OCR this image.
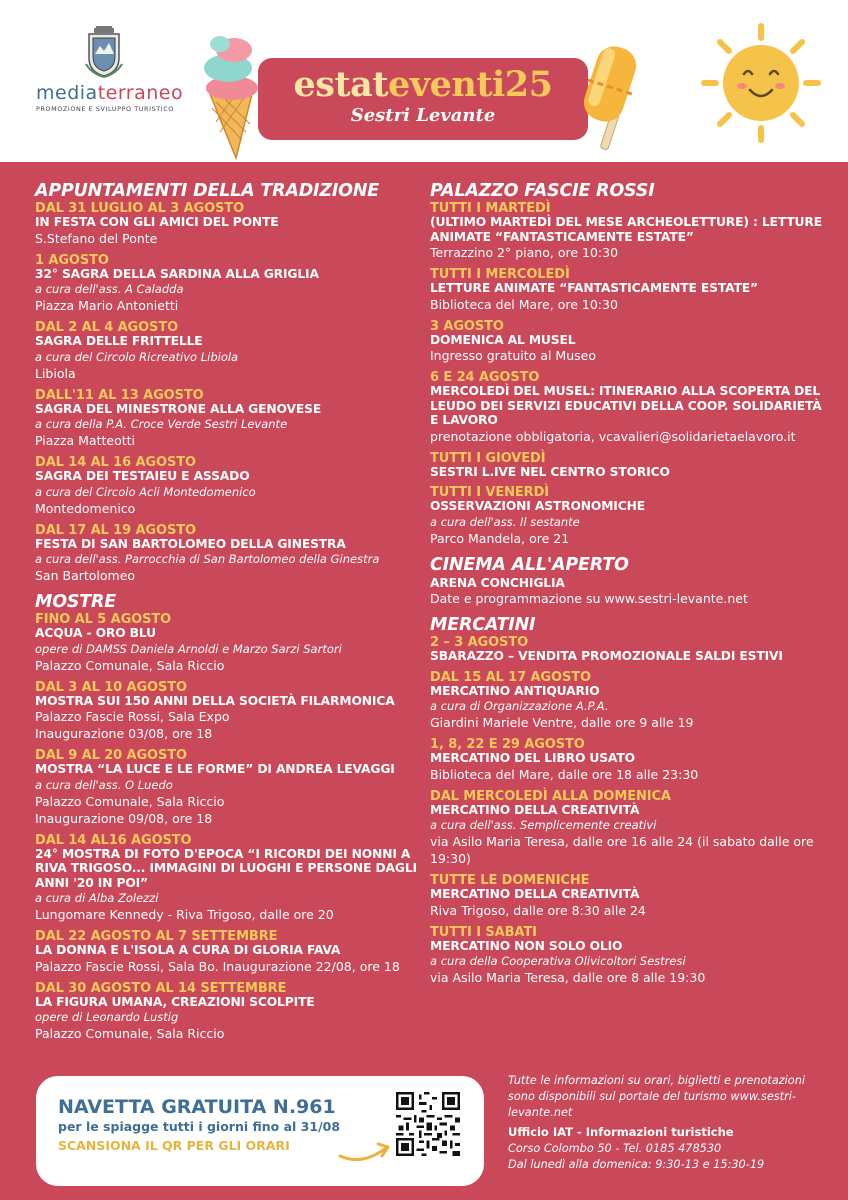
mediaterraneo
PROMOZIONE E SVILUPPO TURISTICO
estateventi25
Sestri Levante
APPUNTAMENTI DELLA TRADIZIONE
DAL 31 LUGLIO AL 3 AGOSTO
IN FESTA CON GLI AMICI DEL PONTE
S.Stefano del Ponte
1 AGOSTO
32° SAGRA DELLA SARDINA ALLA GRIGLIA
a cura dell'ass. A Caladda
Piazza Mario Antonietti
DAL 2 AL 4 AGOSTO
SAGRA DELLE FRITTELLE
a cura del Circolo Ricreativo Libiola
Libiola
DALL'11 AL 13 AGOSTO
SAGRA DEL MINESTRONE ALLA GENOVESE
a cura della P.A. Croce Verde Sestri Levante
Piazza Matteotti
DAL 14 AL 16 AGOSTO
SAGRA DEI TESTAIEU E ASSADO
a cura del Circolo Acli Montedomenico
Montedomenico
DAL 17 AL 19 AGOSTO
FESTA DI SAN BARTOLOMEO DELLA GINESTRA
a cura dell'ass. Parrocchia di San Bartolomeo della Ginestra
San Bartolomeo
MOSTRE
FINO AL 5 AGOSTO
ACQUA - ORO BLU
opere di DAMSS Daniela Arnoldi e Marzo Sarzi Sartori
Palazzo Comunale, Sala Riccio
DAL 3 AL 10 AGOSTO
MOSTRA SUI 150 ANNI DELLA SOCIETÀ FILARMONICA
Palazzo Fascie Rossi, Sala Expo
Inaugurazione 03/08, ore 18
DAL 9 AL 20 AGOSTO
MOSTRA “LA LUCE E LE FORME” DI ANDREA LEVAGGI
a cura dell'ass. O Luedo
Palazzo Comunale, Sala Riccio
Inaugurazione 09/08, ore 18
DAL 14 AL16 AGOSTO
24° MOSTRA DI FOTO D'EPOCA “I RICORDI DEI NONNI A RIVA TRIGOSO... IMMAGINI DI LUOGHI E PERSONE DAGLI ANNI '20 IN POI”
a cura di Alba Zolezzi
Lungomare Kennedy - Riva Trigoso, dalle ore 20
DAL 22 AGOSTO AL 7 SETTEMBRE
LA DONNA E L'ISOLA A CURA DI GLORIA FAVA
Palazzo Fascie Rossi, Sala Bo. Inaugurazione 22/08, ore 18
DAL 30 AGOSTO AL 14 SETTEMBRE
LA FIGURA UMANA, CREAZIONI SCOLPITE
opere di Leonardo Lustig
Palazzo Comunale, Sala Riccio
PALAZZO FASCIE ROSSI
TUTTI I MARTEDÌ
(ULTIMO MARTEDÌ DEL MESE ARCHEOLETTURE) : LETTURE ANIMATE “FANTASTICAMENTE ESTATE”
Terrazzino 2° piano, ore 10:30
TUTTI I MERCOLEDÌ
LETTURE ANIMATE “FANTASTICAMENTE ESTATE”
Biblioteca del Mare, ore 10:30
3 AGOSTO
DOMENICA AL MUSEL
Ingresso gratuito al Museo
6 E 24 AGOSTO
MERCOLEDÌ DEL MUSEL: ITINERARIO ALLA SCOPERTA DEL LEUDO DEI SERVIZI EDUCATIVI DELLA COOP. SOLIDARIETÀ E LAVORO
prenotazione obbligatoria, vcavalieri@solidarietaelavoro.it
TUTTI I GIOVEDÌ
SESTRI L.IVE NEL CENTRO STORICO
TUTTI I VENERDÌ
OSSERVAZIONI ASTRONOMICHE
a cura dell'ass. Il sestante
Parco Mandela, ore 21
CINEMA ALL'APERTO
ARENA CONCHIGLIA
Date e programmazione su www.sestri-levante.net
MERCATINI
2 – 3 AGOSTO
SBARAZZO – VENDITA PROMOZIONALE SALDI ESTIVI
DAL 15 AL 17 AGOSTO
MERCATINO ANTIQUARIO
a cura di Organizzazione A.P.A.
Giardini Mariele Ventre, dalle ore 9 alle 19
1, 8, 22 E 29 AGOSTO
MERCATINO DEL LIBRO USATO
Biblioteca del Mare, dalle ore 18 alle 23:30
DAL MERCOLEDÌ ALLA DOMENICA
MERCATINO DELLA CREATIVITÀ
a cura dell'ass. Semplicemente creativi
via Asilo Maria Teresa, dalle ore 16 alle 24 (il sabato dalle ore 19:30)
TUTTE LE DOMENICHE
MERCATINO DELLA CREATIVITÀ
Riva Trigoso, dalle ore 8:30 alle 24
TUTTI I SABATI
MERCATINO NON SOLO OLIO
a cura della Cooperativa Olivicoltori Sestresi
via Asilo Maria Teresa, dalle ore 8 alle 19:30
NAVETTA GRATUITA N.961
per le spiagge tutti i giorni fino al 31/08
SCANSIONA IL QR PER GLI ORARI
Tutte le informazioni su orari, biglietti e prenotazioni sono disponibili sul portale del turismo www.sestri-levante.net
Ufficio IAT - Informazioni turistiche
Corso Colombo 50 - Tel. 0185 478530
Dal lunedì alla domenica: 9:30-13 e 15:30-19
